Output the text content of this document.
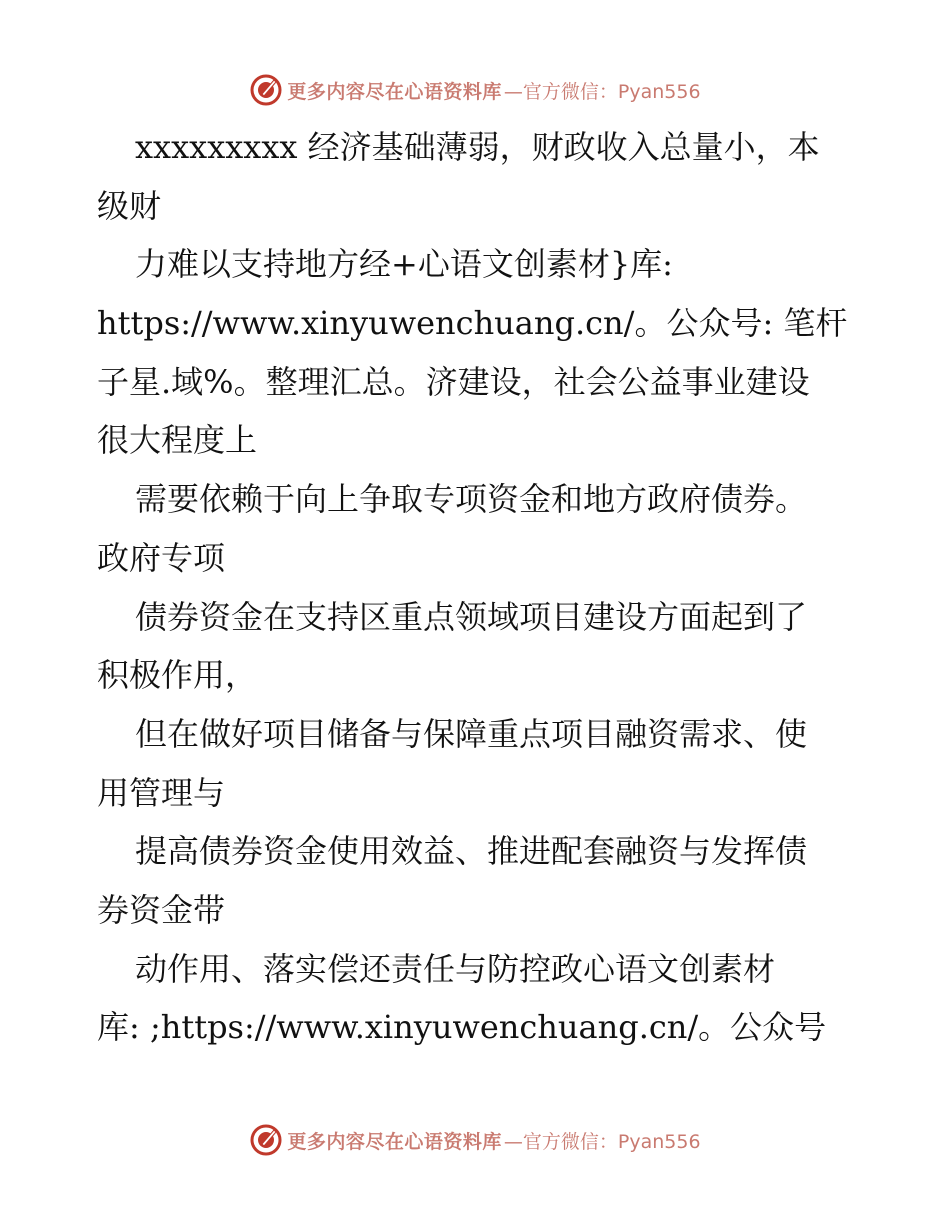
更多内容尽在心语资料库 —官方微信：Pyan556
xxxxxxxxx 经济基础薄弱，财政收入总量小，本
级财
力难以支持地方经+心语文创素材}库:
https://www.xinyuwenchuang.cn/。公众号: 笔杆
子星.域%。整理汇总。济建设，社会公益事业建设
很大程度上
需要依赖于向上争取专项资金和地方政府债券。
政府专项
债券资金在支持区重点领域项目建设方面起到了
积极作用，
但在做好项目储备与保障重点项目融资需求、使
用管理与
提高债券资金使用效益、推进配套融资与发挥债
券资金带
动作用、落实偿还责任与防控政心语文创素材
库: ;https://www.xinyuwenchuang.cn/。公众号
更多内容尽在心语资料库 —官方微信：Pyan556
